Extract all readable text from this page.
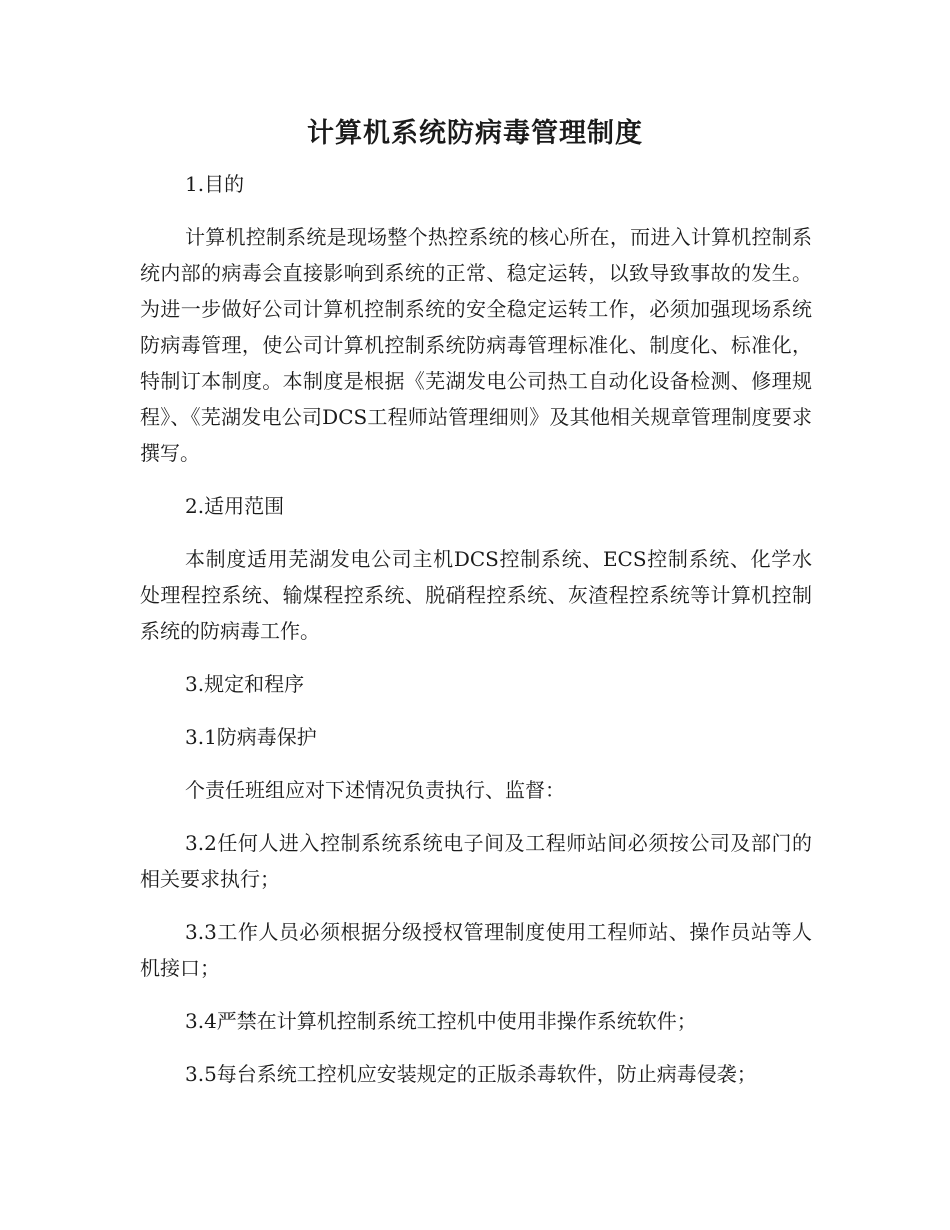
计算机系统防病毒管理制度

1.目的

计算机控制系统是现场整个热控系统的核心所在，而进入计算机控制系统内部的病毒会直接影响到系统的正常、稳定运转，以致导致事故的发生。为进一步做好公司计算机控制系统的安全稳定运转工作，必须加强现场系统防病毒管理，使公司计算机控制系统防病毒管理标准化、制度化、标准化，特制订本制度。本制度是根据《芜湖发电公司热工自动化设备检测、修理规程》、《芜湖发电公司DCS工程师站管理细则》及其他相关规章管理制度要求撰写。

2.适用范围

本制度适用芜湖发电公司主机DCS控制系统、ECS控制系统、化学水处理程控系统、输煤程控系统、脱硝程控系统、灰渣程控系统等计算机控制系统的防病毒工作。

3.规定和程序

3.1防病毒保护

个责任班组应对下述情况负责执行、监督：

3.2任何人进入控制系统系统电子间及工程师站间必须按公司及部门的相关要求执行；

3.3工作人员必须根据分级授权管理制度使用工程师站、操作员站等人机接口；

3.4严禁在计算机控制系统工控机中使用非操作系统软件；

3.5每台系统工控机应安装规定的正版杀毒软件，防止病毒侵袭；
